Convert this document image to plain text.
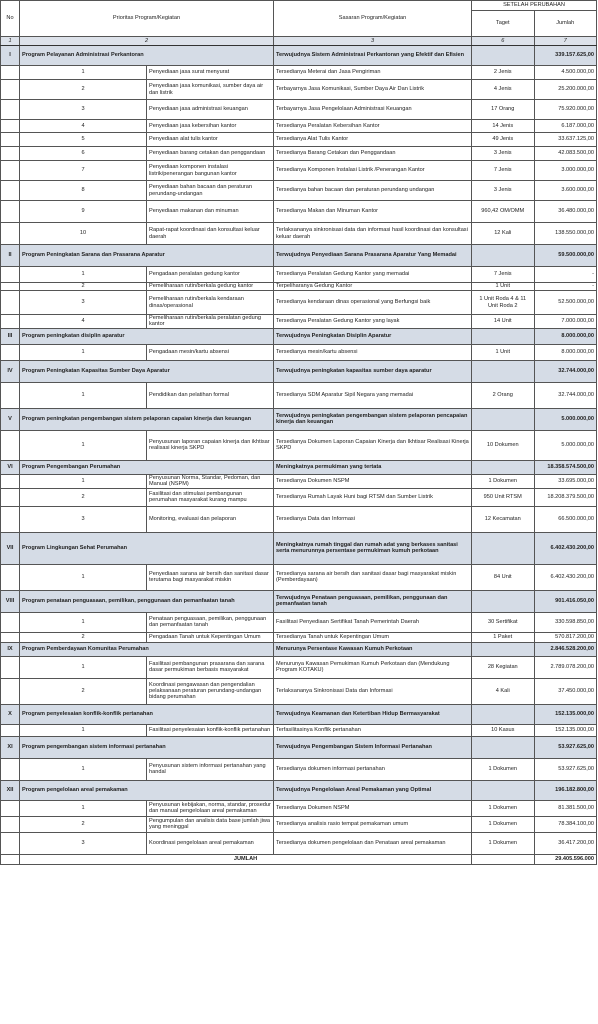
No	Prioritas Program/Kegiatan		Sasaran Program/Kegiatan	SETELAH PERUBAHAN	
				Taget	Jumlah
1	2		3	6	7
I	Program Pelayanan Administrasi Perkantoran		Terwujudnya Sistem Administrasi Perkantoran yang Efektif dan Efisien		339.157.625,00
	1	Penyediaan jasa surat menyurat	Tersedianya Meterai dan Jasa Pengiriman	2 Jenis	4.500.000,00
	2	Penyediaan jasa komunikasi, sumber daya air dan listrik	Terbayarnya Jasa Komunikasi, Sumber Daya Air Dan Listrik	4 Jenis	25.200.000,00
	3	Penyediaan jasa administrasi keuangan	Terbayarnya Jasa Pengelolaan Administrasi Keuangan	17 Orang	75.920.000,00
	4	Penyediaan jasa kebersihan kantor	Tersedianya Peralatan Kebersihan Kantor	14 Jenis	6.187.000,00
	5	Penyediaan alat tulis kantor	Tersedianya Alat Tulis Kantor	49 Jenis	33.637.125,00
	6	Penyediaan barang cetakan dan penggandaan	Tersedianya Barang Cetakan dan Penggandaan	3 Jenis	42.083.500,00
	7	Penyediaan komponen instalasi listrik/penerangan bangunan kantor	Tersedianya Komponen Instalasi Listrik /Penerangan Kantor	7 Jenis	3.000.000,00
	8	Penyediaan bahan bacaan dan peraturan perundang-undangan	Tersedianya bahan bacaan dan peraturan perundang undangan	3 Jenis	3.600.000,00
	9	Penyediaan makanan dan minuman	Tersedianya Makan dan Minuman Kantor	960,42 OM/OMM	36.480.000,00
	10	Rapat-rapat koordinasi dan konsultasi keluar daerah	Terlaksananya sinkronisasi data dan informasi hasil koordinasi dan konsultasi keluar daerah	12 Kali	138.550.000,00
II	Program Peningkatan Sarana dan Prasarana Aparatur		Terwujudnya Penyediaan Sarana Prasarana Aparatur Yang Memadai		59.500.000,00
	1	Pengadaan peralatan gedung kantor	Tersedianya Peralatan Gedung Kantor yang memadai	7 Jenis	-
	2	Pemeliharaan rutin/berkala gedung kantor	Terpeliharanya Gedung Kantor	1 Unit	-
	3	Pemeliharaan rutin/berkala kendaraan dinas/operasional	Tersedianya kendaraan dinas operasional yang Berfungsi baik	1 Unit Roda 4 & 11 Unit Roda 2	52.500.000,00
	4	Pemeliharaan rutin/berkala peralatan gedung kantor	Tersedianya Peralatan Gedung Kantor yang layak	14 Unit	7.000.000,00
III	Program peningkatan disiplin aparatur		Terwujudnya Peningkatan Disiplin Aparatur		8.000.000,00
	1	Pengadaan mesin/kartu absensi	Tersedianya mesin/kartu absensi	1 Unit	8.000.000,00
IV	Program Peningkatan Kapasitas Sumber Daya Aparatur		Terwujudnya peningkatan kapasitas sumber daya aparatur		32.744.000,00
	1	Pendidikan dan pelatihan formal	Tersedianya SDM Aparatur Sipil Negara yang memadai	2 Orang	32.744.000,00
V	Program peningkatan pengembangan sistem pelaporan capaian kinerja dan keuangan		Terwujudnya peningkatan pengembangan sistem pelaporan pencapaian kinerja dan keuangan		5.000.000,00
	1	Penyusunan laporan capaian kinerja dan ikhtisar realisasi kinerja SKPD	Tersedianya Dokumen Laporan Capaian Kinerja dan Ikhtisar Realisasi Kinerja SKPD	10 Dokumen	5.000.000,00
VI	Program Pengembangan Perumahan		Meningkatnya permukiman yang tertata		18.358.574.500,00
	1	Penyusunan Norma, Standar, Pedoman, dan Manual (NSPM)	Tersedianya Dokumen NSPM	1 Dokumen	33.695.000,00
	2	Fasilitasi dan stimulasi pembangunan perumahan masyarakat kurang mampu	Tersedianya Rumah Layak Huni bagi RTSM dan Sumber Listrik	950 Unit RTSM	18.208.379.500,00
	3	Monitoring, evaluasi dan pelaporan	Tersedianya Data dan Informasi	12 Kecamatan	66.500.000,00
VII	Program Lingkungan Sehat Perumahan		Meningkatnya rumah tinggal dan rumah adat yang berkases sanitasi serta menurunnya persentase permukiman kumuh perkotaan		6.402.430.200,00
	1	Penyediaan sarana air bersih dan sanitasi dasar terutama bagi masyarakat miskin	Tersedianya sarana air bersih dan sanitasi dasar bagi masyarakat miskin (Pemberdayaan)	84 Unit	6.402.430.200,00
VIII	Program penataan penguasaan, pemilikan, penggunaan dan pemanfaatan tanah		Terwujudnya Penataan penguasaan, pemilikan, penggunaan dan pemanfaatan tanah		901.416.050,00
	1	Penataan penguasaan, pemilikan, penggunaan dan pemanfaatan tanah	Fasilitasi Penyediaan Sertifikat Tanah Pemerintah Daerah	30 Sertifikat	330.598.850,00
	2	Pengadaan Tanah untuk Kepentingan Umum	Tersedianya Tanah untuk Kepentingan Umum	1 Paket	570.817.200,00
IX	Program Pemberdayaan Komunitas Perumahan		Menurunya Persentase Kawasan Kumuh Perkotaan		2.846.528.200,00
	1	Fasilitasi pembangunan prasarana dan sarana dasar permukiman berbasis masyarakat	Menurunya Kawasan Pemukiman Kumuh Perkotaan dan (Mendukung Program KOTAKU)	28 Kegiatan	2.789.078.200,00
	2	Koordinasi pengawasan dan pengendalian pelaksanaan peraturan perundang-undangan bidang perumahan	Terlaksananya Sinkronisasi Data dan Informasi	4 Kali	37.450.000,00
X	Program penyelesaian konflik-konflik pertanahan		Terwujudnya Keamanan dan Ketertiban Hidup Bermasyarakat		152.135.000,00
	1	Fasilitasi penyelesaian konflik-konflik pertanahan	Terfasilitasinya Konflik pertanahan	10 Kasus	152.135.000,00
XI	Program pengembangan sistem informasi pertanahan		Terwujudnya Pengembangan Sistem Informasi Pertanahan		53.927.625,00
	1	Penyusunan sistem informasi pertanahan yang handal	Tersedianya dokumen informasi pertanahan	1 Dokumen	53.927.625,00
XII	Program pengelolaan areal pemakaman		Terwujudnya Pengelolaan Areal Pemakaman yang Optimal		196.182.800,00
	1	Penyusunan kebijakan, norma, standar, prosedur dan manual pengelolaan areal pemakaman	Tersedianya Dokumen NSPM	1 Dokumen	81.381.500,00
	2	Pengumpulan dan analisis data base jumlah jiwa yang meninggal	Tersedianya analisis rasio tempat pemakaman umum	1 Dokumen	78.384.100,00
	3	Koordinasi pengelolaan areal pemakaman	Tersedianya dokumen pengelolaan dan Penataan areal pemakaman	1 Dokumen	36.417.200,00
	JUMLAH				29.405.596.000
